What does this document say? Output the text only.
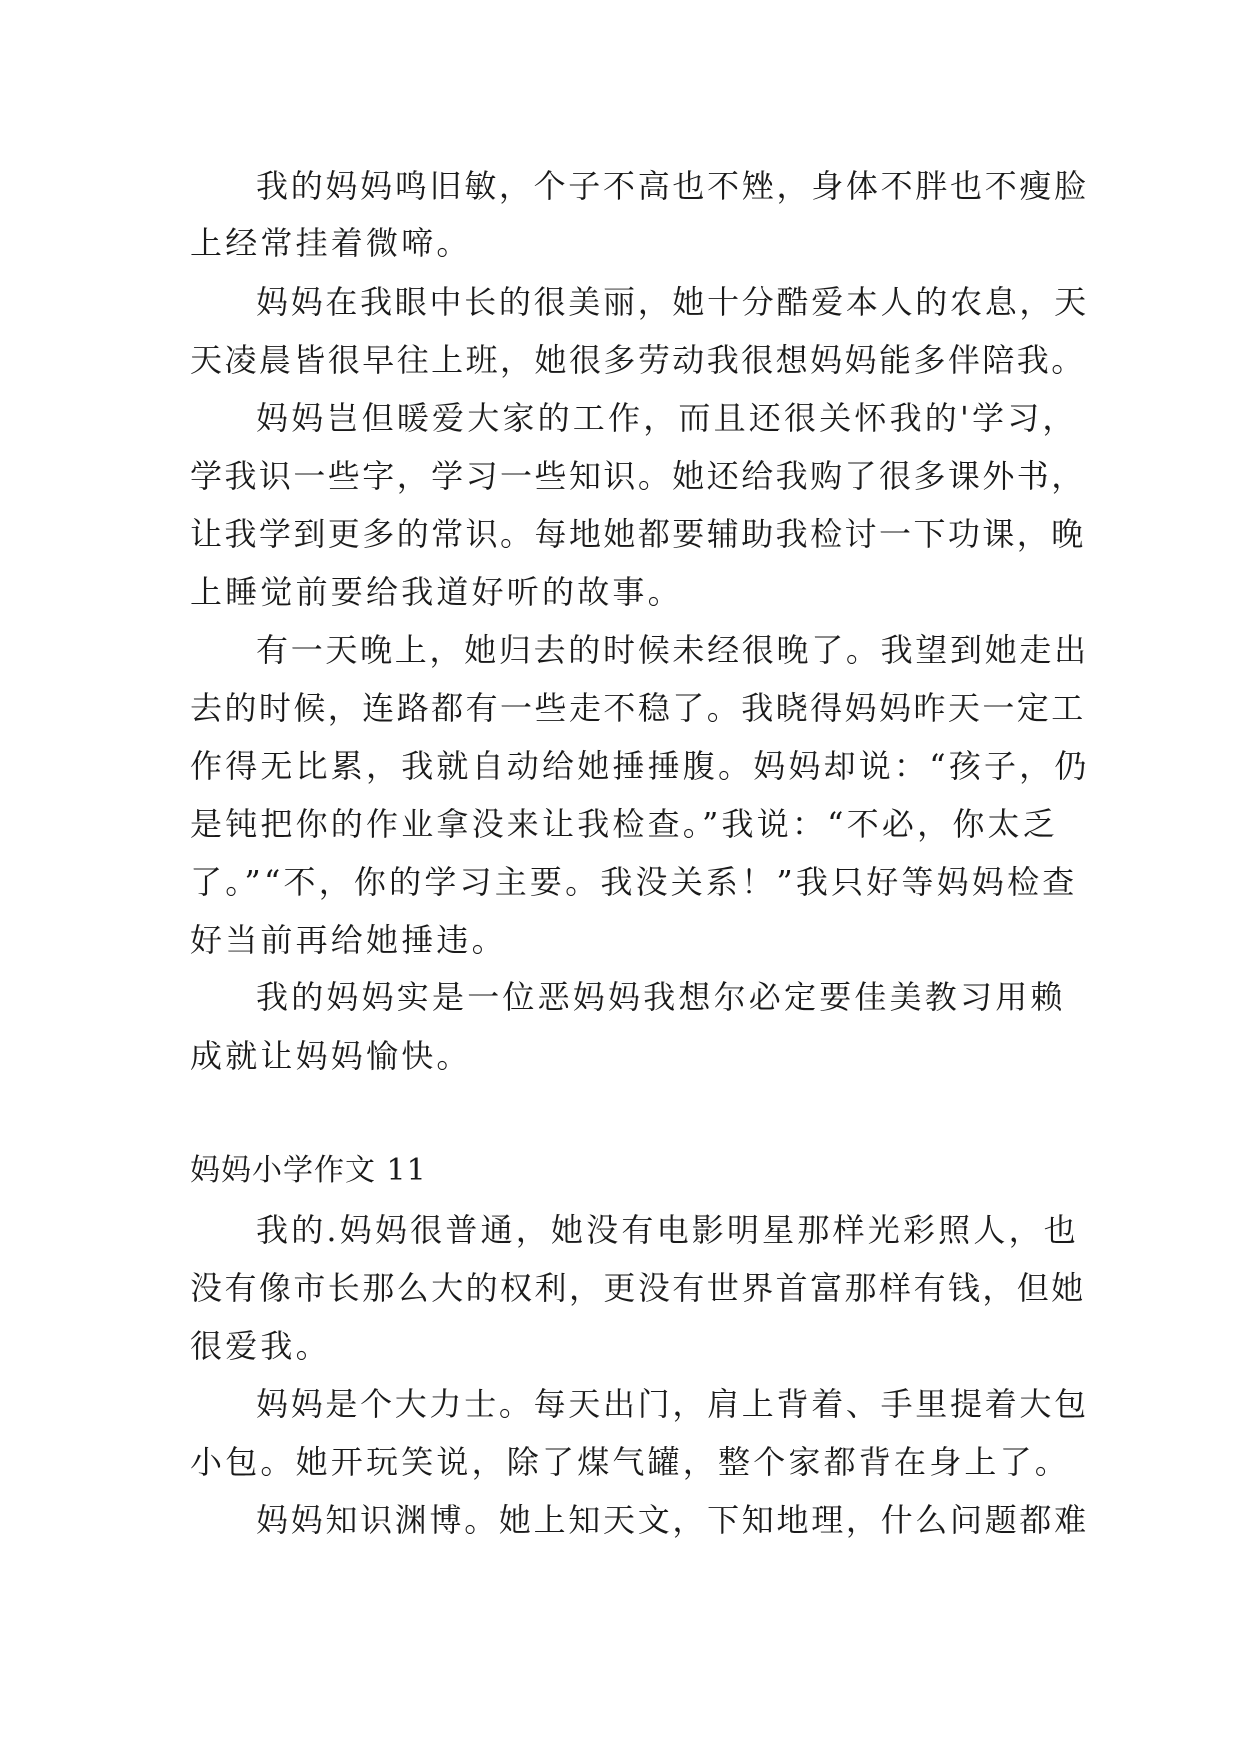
我的妈妈鸣旧敏，个子不高也不矬，身体不胖也不瘦脸
上经常挂着微啼。
妈妈在我眼中长的很美丽，她十分酷爱本人的农息，天
天凌晨皆很早往上班，她很多劳动我很想妈妈能多伴陪我。
妈妈岂但暖爱大家的工作，而且还很关怀我的'学习，
学我识一些字，学习一些知识。她还给我购了很多课外书，
让我学到更多的常识。每地她都要辅助我检讨一下功课，晚
上睡觉前要给我道好听的故事。
有一天晚上，她归去的时候未经很晚了。我望到她走出
去的时候，连路都有一些走不稳了。我晓得妈妈昨天一定工
作得无比累，我就自动给她捶捶腹。妈妈却说：“孩子，仍
是钝把你的作业拿没来让我检查。”我说：“不必，你太乏
了。”“不，你的学习主要。我没关系！”我只好等妈妈检查
好当前再给她捶违。
我的妈妈实是一位恶妈妈我想尔必定要佳美教习用赖
成就让妈妈愉快。
妈妈小学作文 11
我的.妈妈很普通，她没有电影明星那样光彩照人，也
没有像市长那么大的权利，更没有世界首富那样有钱，但她
很爱我。
妈妈是个大力士。每天出门，肩上背着、手里提着大包
小包。她开玩笑说，除了煤气罐，整个家都背在身上了。
妈妈知识渊博。她上知天文，下知地理，什么问题都难
